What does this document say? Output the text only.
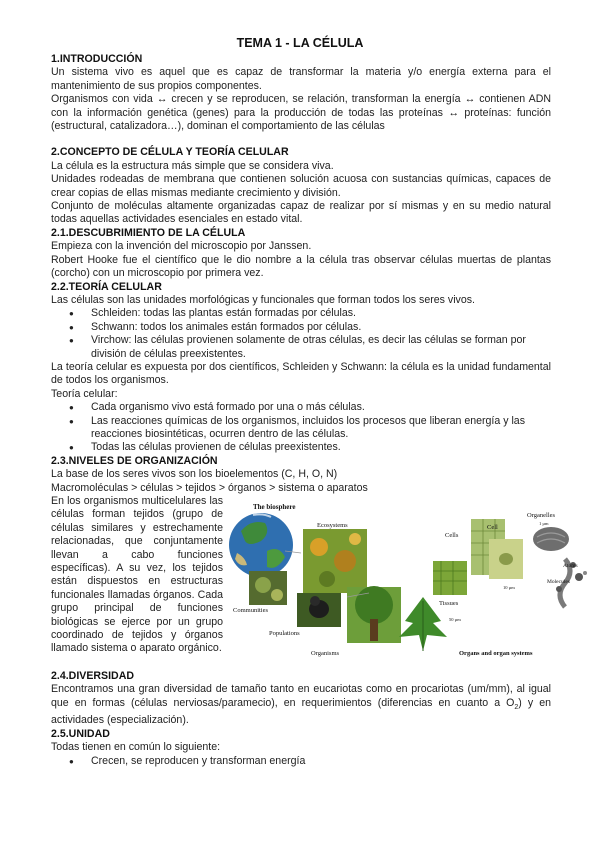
TEMA 1 - LA CÉLULA

1.INTRODUCCIÓN

Un sistema vivo es aquel que es capaz de transformar la materia y/o energía externa para el mantenimiento de sus propios componentes.

Organismos con vida ↔ crecen y se reproducen, se relación, transforman la energía ↔ contienen ADN con la información genética (genes) para la producción de todas las proteínas ↔ proteínas: función (estructural, catalizadora…), dominan el comportamiento de las células

2.CONCEPTO DE CÉLULA Y TEORÍA CELULAR

La célula es la estructura más simple que se considera viva.

Unidades rodeadas de membrana que contienen solución acuosa con sustancias químicas, capaces de crear copias de ellas mismas mediante crecimiento y división.

Conjunto de moléculas altamente organizadas capaz de realizar por sí mismas y en su medio natural todas aquellas actividades esenciales en estado vital.

2.1.DESCUBRIMIENTO DE LA CÉLULA

Empieza con la invención del microscopio por Janssen.

Robert Hooke fue el científico que le dio nombre a la célula tras observar células muertas de plantas (corcho) con un microscopio por primera vez.

2.2.TEORÍA CELULAR

Las células son las unidades morfológicas y funcionales que forman todos los seres vivos.

● Schleiden: todas las plantas están formadas por células.
● Schwann: todos los animales están formados por células.
● Virchow: las células provienen solamente de otras células, es decir las células se forman por división de células preexistentes.

La teoría celular es expuesta por dos científicos, Schleiden y Schwann: la célula es la unidad fundamental de todos los organismos.

Teoría celular:

● Cada organismo vivo está formado por una o más células.
● Las reacciones químicas de los organismos, incluidos los procesos que liberan energía y las reacciones biosintéticas, ocurren dentro de las células.
● Todas las células provienen de células preexistentes.

2.3.NIVELES DE ORGANIZACIÓN

La base de los seres vivos son los bioelementos (C, H, O, N)

Macromoléculas > células > tejidos > órganos > sistema o aparatos

En los organismos multicelulares las células forman tejidos (grupo de células similares y estrechamente relacionadas, que conjuntamente llevan a cabo funciones específicas). A su vez, los tejidos están dispuestos en estructuras funcionales llamadas órganos. Cada grupo principal de funciones biológicas se ejerce por un grupo coordinado de tejidos y órganos llamado sistema o aparato orgánico.

The biosphere
Ecosystems
Communities
Populations
Organisms	Organs and organ systems
Tissues
Cells
Cell
Organelles
Molecules
Atoms
1 µm
10 µm
50 µm

2.4.DIVERSIDAD

Encontramos una gran diversidad de tamaño tanto en eucariotas como en procariotas (um/mm), al igual que en formas (células nerviosas/paramecio), en requerimientos (diferencias en cuanto a $O_2$) y en actividades (especialización).

2.5.UNIDAD

Todas tienen en común lo siguiente:

● Crecen, se reproducen y transforman energía
